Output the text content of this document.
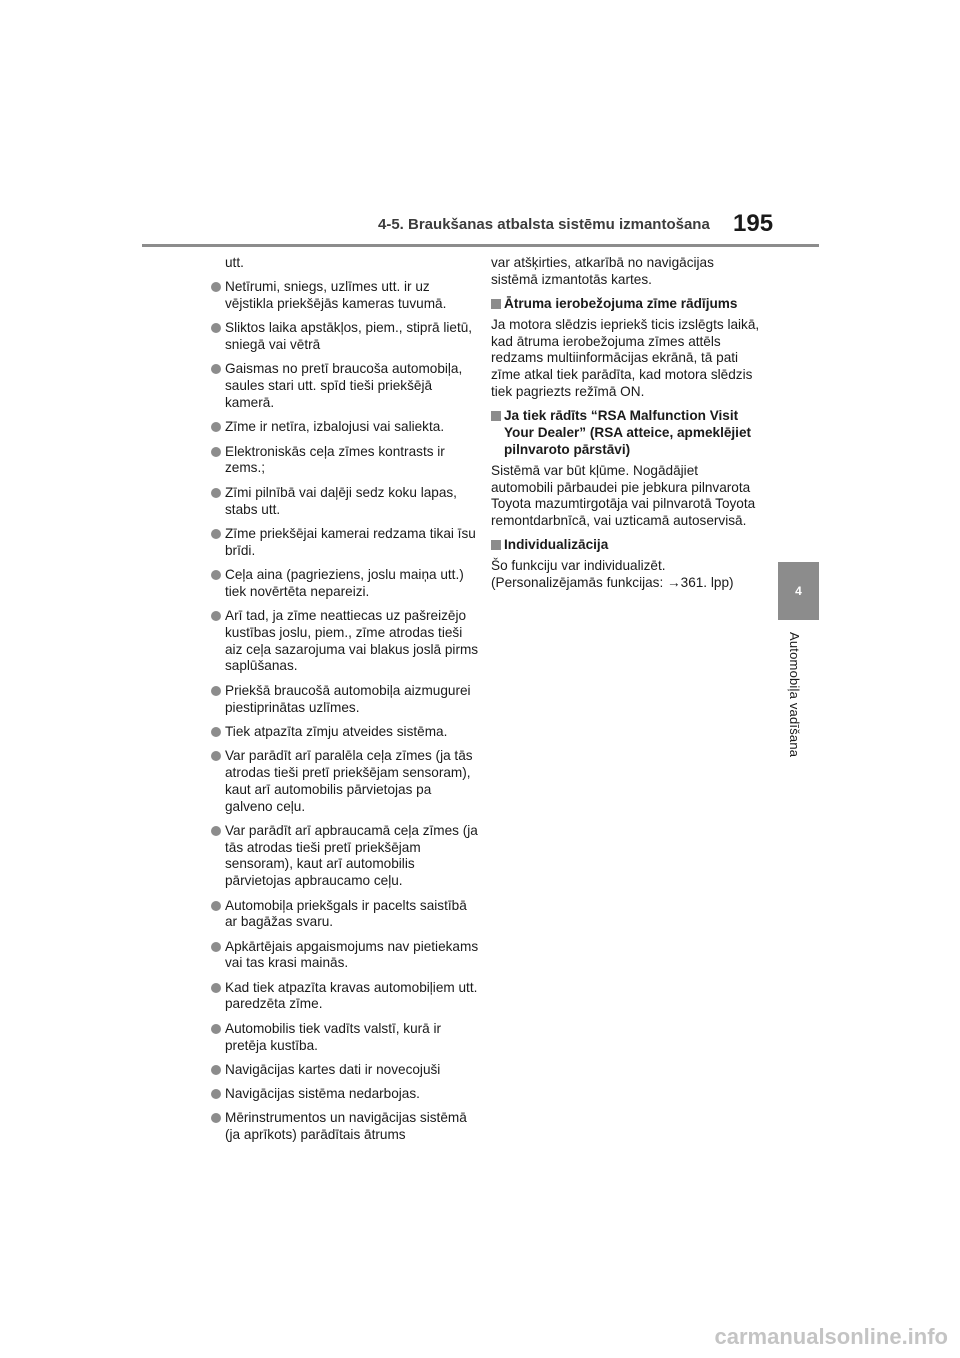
4-5. Braukšanas atbalsta sistēmu izmantošana 195
4
Automobiļa vadīšana

utt.

Netīrumi, sniegs, uzlīmes utt. ir uz vējstikla priekšējās kameras tuvumā.
Sliktos laika apstākļos, piem., stiprā lietū, sniegā vai vētrā
Gaismas no pretī braucoša automobiļa, saules stari utt. spīd tieši priekšējā kamerā.
Zīme ir netīra, izbalojusi vai saliekta.
Elektroniskās ceļa zīmes kontrasts ir zems.;
Zīmi pilnībā vai daļēji sedz koku lapas, stabs utt.
Zīme priekšējai kamerai redzama tikai īsu brīdi.
Ceļa aina (pagrieziens, joslu maiņa utt.) tiek novērtēta nepareizi.
Arī tad, ja zīme neattiecas uz pašreizējo kustības joslu, piem., zīme atrodas tieši aiz ceļa sazarojuma vai blakus joslā pirms saplūšanas.
Priekšā braucošā automobiļa aizmugurei piestiprinātas uzlīmes.
Tiek atpazīta zīmju atveides sistēma.
Var parādīt arī paralēla ceļa zīmes (ja tās atrodas tieši pretī priekšējam sensoram), kaut arī automobilis pārvietojas pa galveno ceļu.
Var parādīt arī apbraucamā ceļa zīmes (ja tās atrodas tieši pretī priekšējam sensoram), kaut arī automobilis pārvietojas apbraucamo ceļu.
Automobiļa priekšgals ir pacelts saistībā ar bagāžas svaru.
Apkārtējais apgaismojums nav pietiekams vai tas krasi mainās.
Kad tiek atpazīta kravas automobiļiem utt. paredzēta zīme.
Automobilis tiek vadīts valstī, kurā ir pretēja kustība.
Navigācijas kartes dati ir novecojuši
Navigācijas sistēma nedarbojas.
Mērinstrumentos un navigācijas sistēmā (ja aprīkots) parādītais ātrums

var atšķirties, atkarībā no navigācijas sistēmā izmantotās kartes.

Ātruma ierobežojuma zīme rādījums

Ja motora slēdzis iepriekš ticis izslēgts laikā, kad ātruma ierobežojuma zīmes attēls redzams multiinformācijas ekrānā, tā pati zīme atkal tiek parādīta, kad motora slēdzis tiek pagriezts režīmā ON.

Ja tiek rādīts “RSA Malfunction Visit Your Dealer” (RSA atteice, apmeklējiet pilnvaroto pārstāvi)

Sistēmā var būt kļūme. Nogādājiet automobili pārbaudei pie jebkura pilnvarota Toyota mazumtirgotāja vai pilnvarotā Toyota remontdarbnīcā, vai uzticamā autoservisā.

Individualizācija

Šo funkciju var individualizēt. (Personalizējamās funkcijas: →361. lpp)

carmanualsonline.info
